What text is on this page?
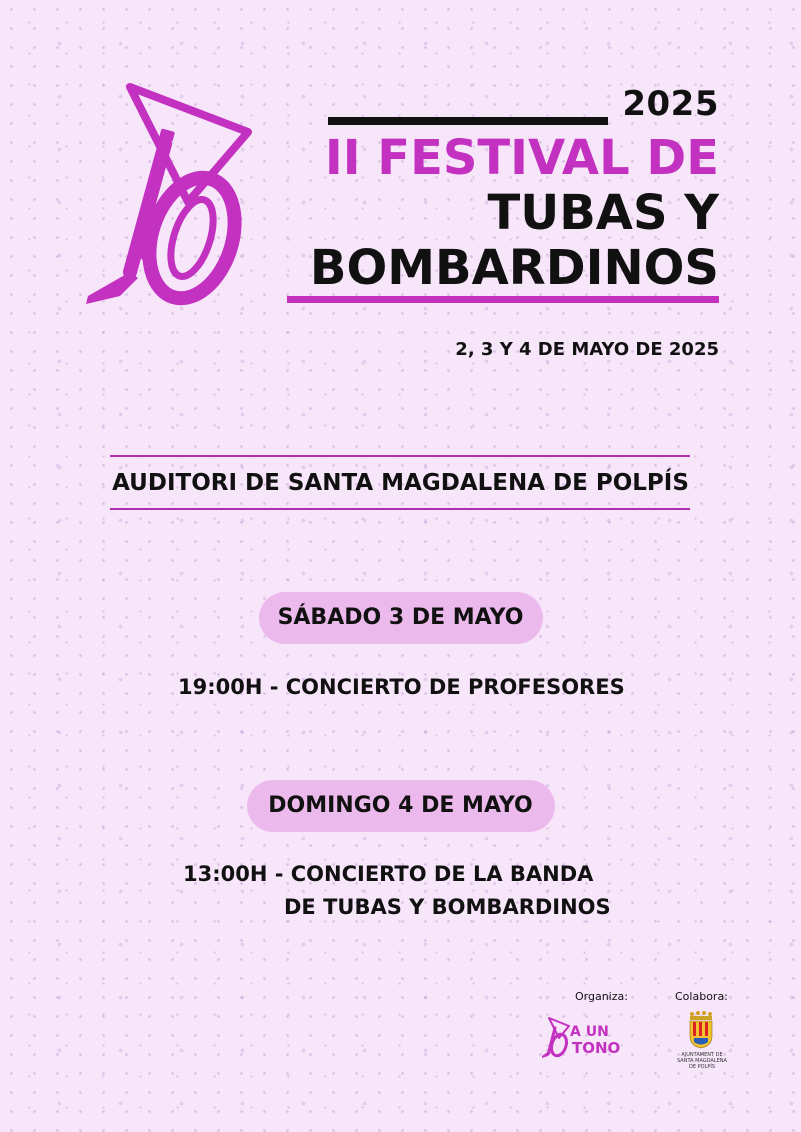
2025
II FESTIVAL DE
TUBAS Y
BOMBARDINOS
2, 3 Y 4 DE MAYO DE 2025
AUDITORI DE SANTA MAGDALENA DE POLPÍS
SÁBADO 3 DE MAYO
19:00H - CONCIERTO DE PROFESORES
DOMINGO 4 DE MAYO
13:00H - CONCIERTO DE LA BANDA
DE TUBAS Y BOMBARDINOS
Organiza:	Colabora:
A UN
TONO	AJUNTAMENT DE SANTA MAGDALENA DE POLPÍS
